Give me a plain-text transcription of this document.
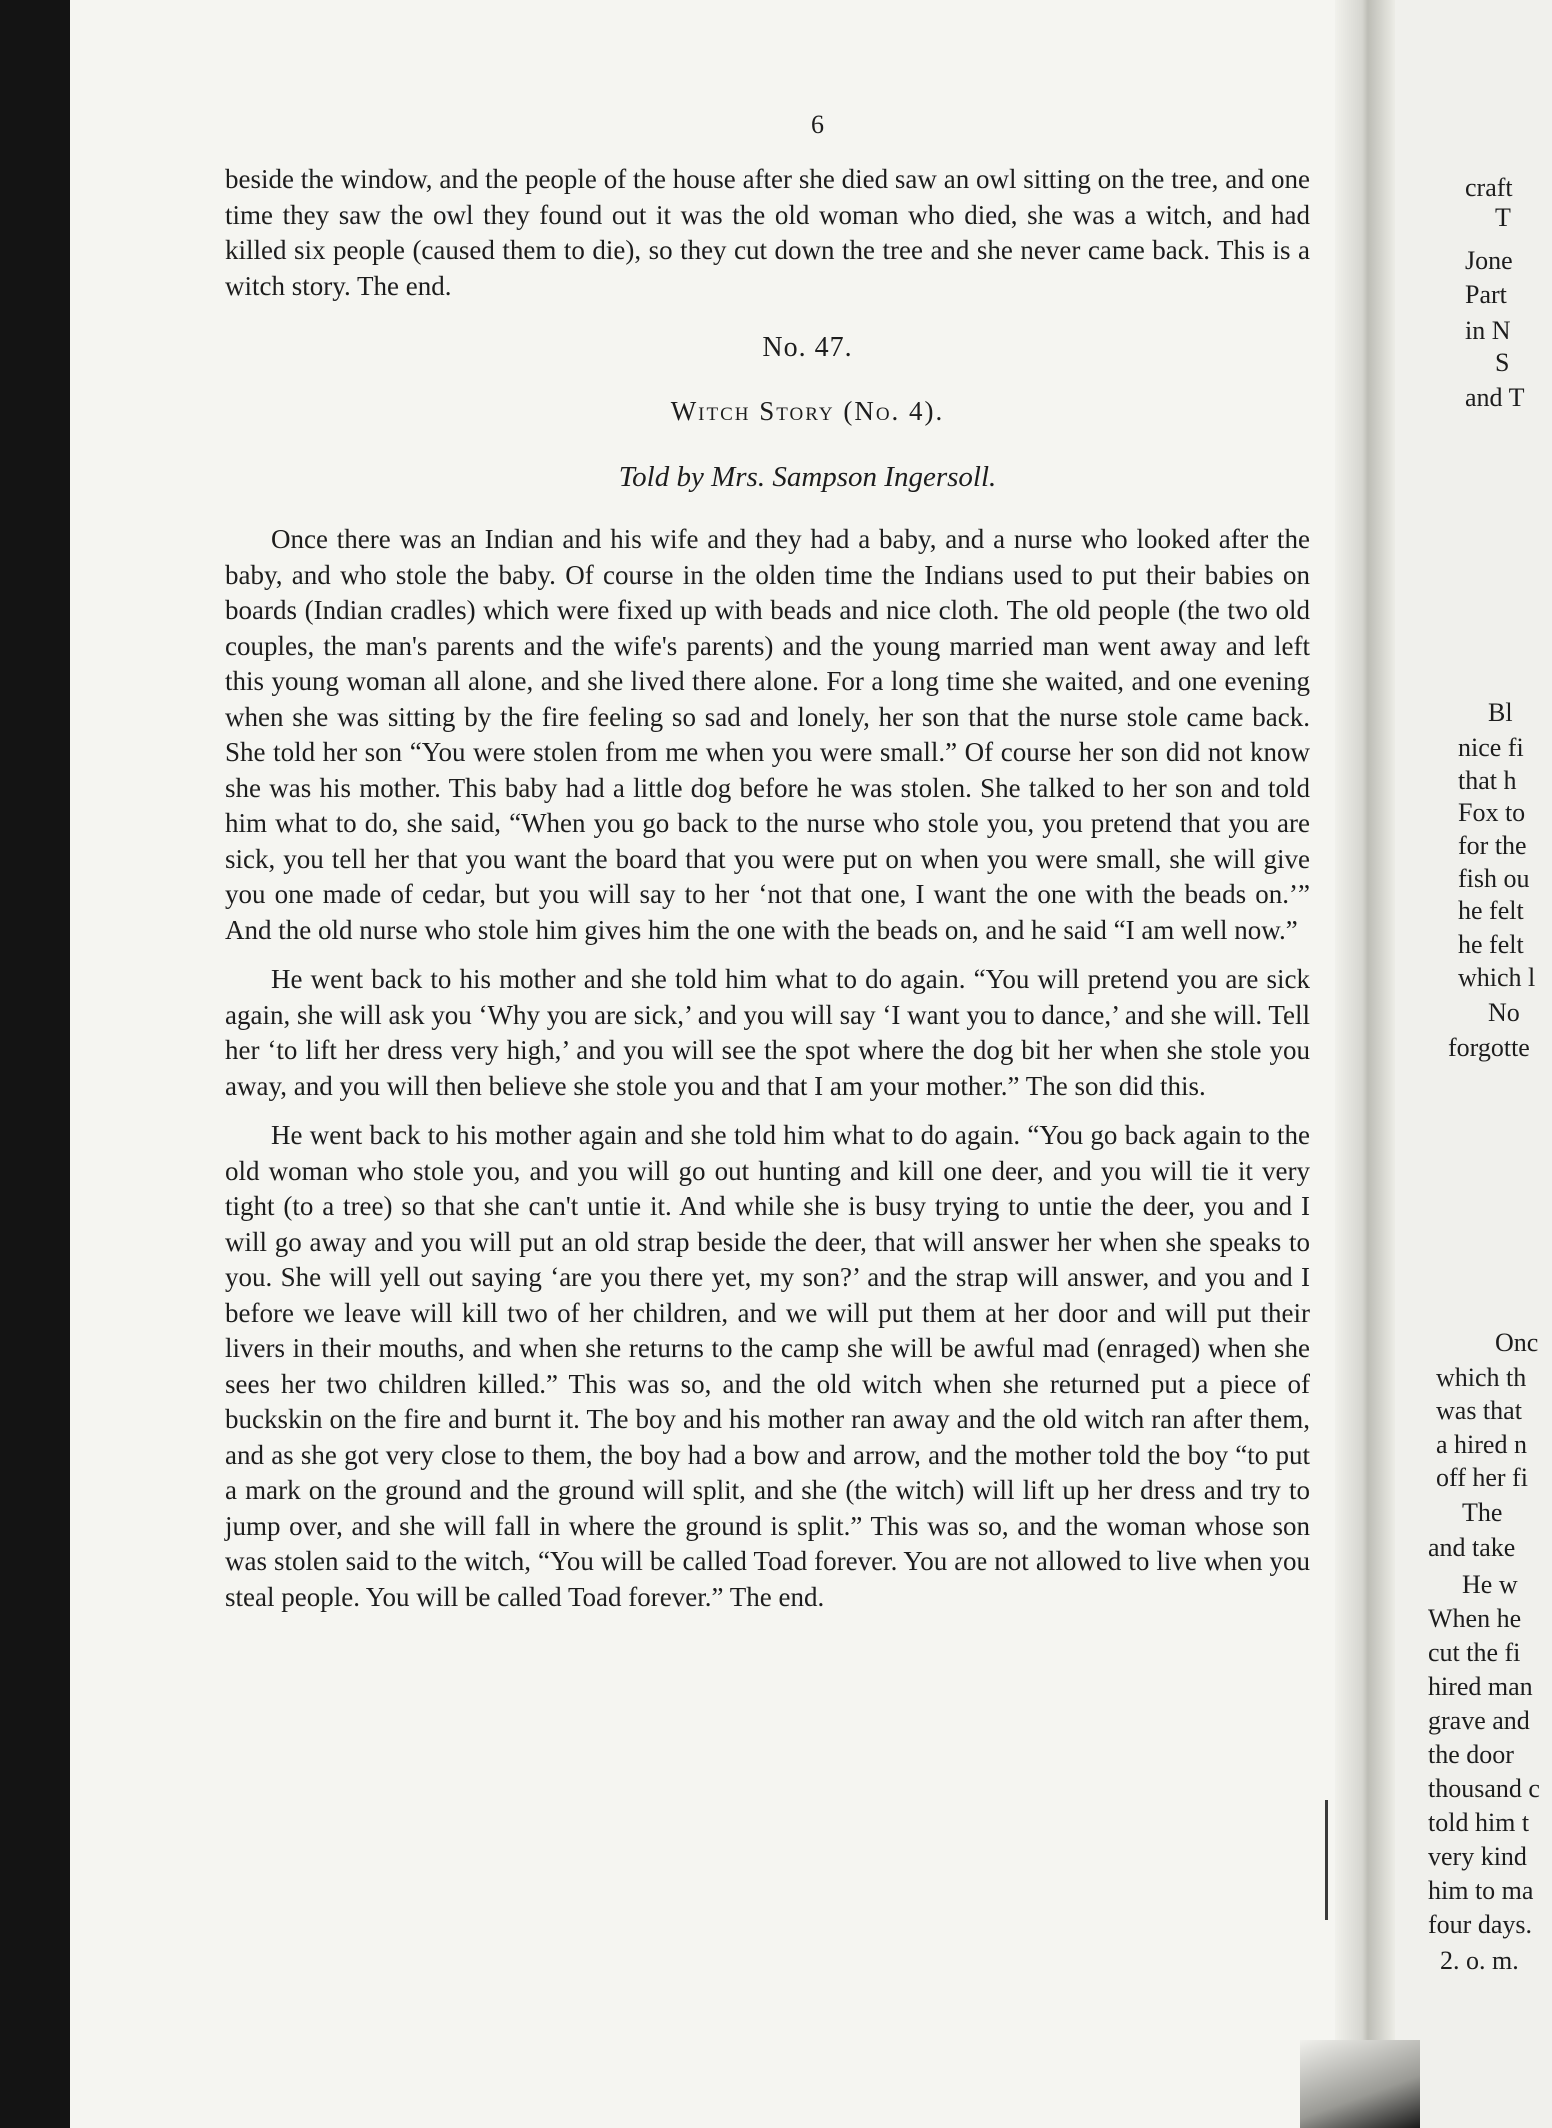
craft
T
Jone
Part
in N
S
and T
Bl
nice fi
that h
Fox to
for the
fish ou
he felt
he felt
which l
No
forgotte
Onc
which th
was that
a hired n
off her fi
The
and take
He w
When he
cut the fi
hired man
grave and
the door
thousand c
told him t
very kind
him to ma
four days.
2. o. m.
6

beside the window, and the people of the house after she died saw an owl sitting on the tree, and one time they saw the owl they found out it was the old woman who died, she was a witch, and had killed six people (caused them to die), so they cut down the tree and she never came back. This is a witch story. The end.

No. 47.
Witch Story (No. 4).
Told by Mrs. Sampson Ingersoll.

Once there was an Indian and his wife and they had a baby, and a nurse who looked after the baby, and who stole the baby. Of course in the olden time the Indians used to put their babies on boards (Indian cradles) which were fixed up with beads and nice cloth. The old people (the two old couples, the man's parents and the wife's parents) and the young married man went away and left this young woman all alone, and she lived there alone. For a long time she waited, and one evening when she was sitting by the fire feeling so sad and lonely, her son that the nurse stole came back. She told her son “You were stolen from me when you were small.” Of course her son did not know she was his mother. This baby had a little dog before he was stolen. She talked to her son and told him what to do, she said, “When you go back to the nurse who stole you, you pretend that you are sick, you tell her that you want the board that you were put on when you were small, she will give you one made of cedar, but you will say to her ‘not that one, I want the one with the beads on.’” And the old nurse who stole him gives him the one with the beads on, and he said “I am well now.”

He went back to his mother and she told him what to do again. “You will pretend you are sick again, she will ask you ‘Why you are sick,’ and you will say ‘I want you to dance,’ and she will. Tell her ‘to lift her dress very high,’ and you will see the spot where the dog bit her when she stole you away, and you will then believe she stole you and that I am your mother.” The son did this.

He went back to his mother again and she told him what to do again. “You go back again to the old woman who stole you, and you will go out hunting and kill one deer, and you will tie it very tight (to a tree) so that she can't untie it. And while she is busy trying to untie the deer, you and I will go away and you will put an old strap beside the deer, that will answer her when she speaks to you. She will yell out saying ‘are you there yet, my son?’ and the strap will answer, and you and I before we leave will kill two of her children, and we will put them at her door and will put their livers in their mouths, and when she returns to the camp she will be awful mad (enraged) when she sees her two children killed.” This was so, and the old witch when she returned put a piece of buckskin on the fire and burnt it. The boy and his mother ran away and the old witch ran after them, and as she got very close to them, the boy had a bow and arrow, and the mother told the boy “to put a mark on the ground and the ground will split, and she (the witch) will lift up her dress and try to jump over, and she will fall in where the ground is split.” This was so, and the woman whose son was stolen said to the witch, “You will be called Toad forever. You are not allowed to live when you steal people. You will be called Toad forever.” The end.
